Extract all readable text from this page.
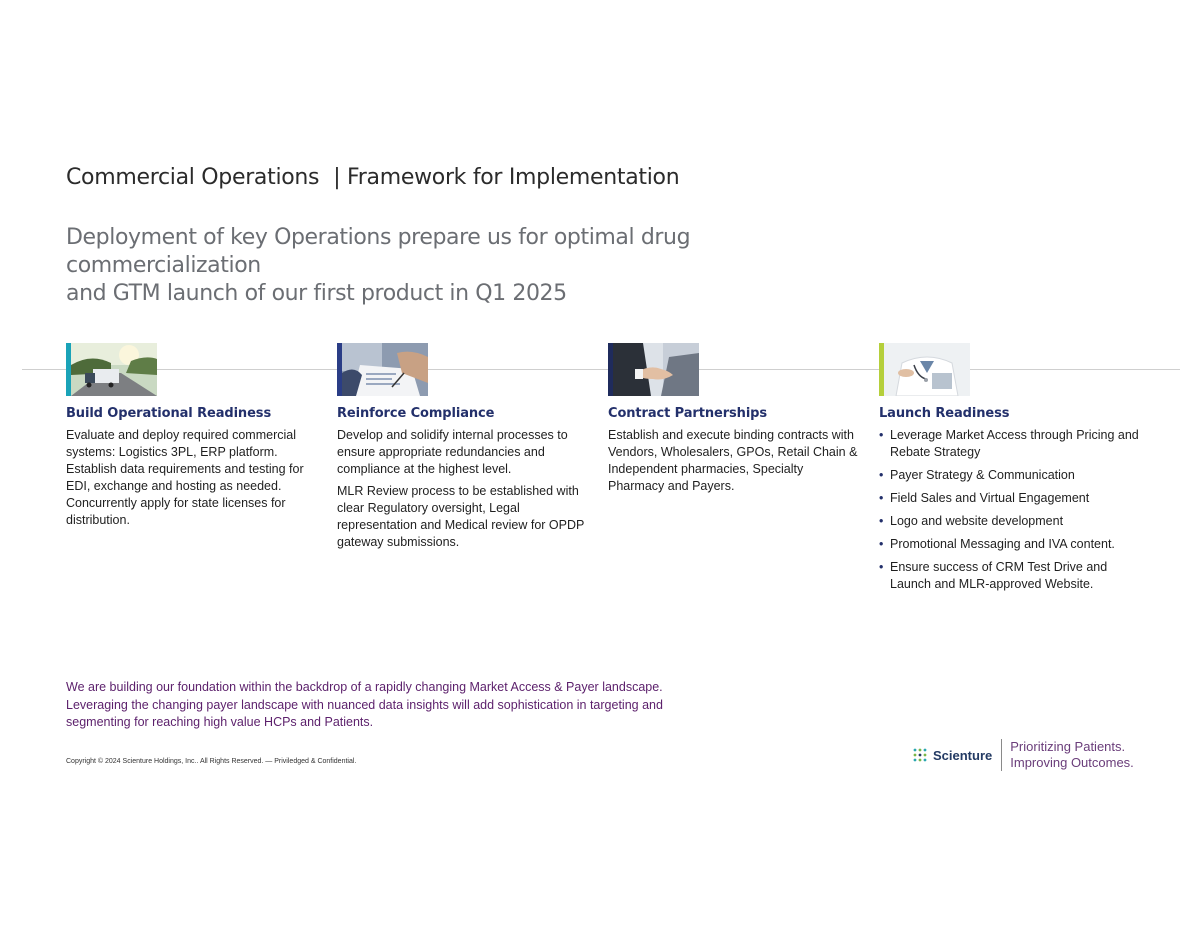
Commercial Operations | Framework for Implementation
Deployment of key Operations prepare us for optimal drug commercialization
and GTM launch of our first product in Q1 2025
Build Operational Readiness

Evaluate and deploy required commercial systems: Logistics 3PL, ERP platform. Establish data requirements and testing for EDI, exchange and hosting as needed. Concurrently apply for state licenses for distribution.

Reinforce Compliance

Develop and solidify internal processes to ensure appropriate redundancies and compliance at the highest level.

MLR Review process to be established with clear Regulatory oversight, Legal representation and Medical review for OPDP gateway submissions.

Contract Partnerships

Establish and execute binding contracts with Vendors, Wholesalers, GPOs, Retail Chain & Independent pharmacies, Specialty Pharmacy and Payers.

Launch Readiness
• Leverage Market Access through Pricing and Rebate Strategy
• Payer Strategy & Communication
• Field Sales and Virtual Engagement
• Logo and website development
• Promotional Messaging and IVA content.
• Ensure success of CRM Test Drive and Launch and MLR-approved Website.
We are building our foundation within the backdrop of a rapidly changing Market Access & Payer landscape.
Leveraging the changing payer landscape with nuanced data insights will add sophistication in targeting and segmenting for reaching high value HCPs and Patients.
Copyright © 2024 Scienture Holdings, Inc.. All Rights Reserved. — Priviledged & Confidential.	Scienture
Prioritizing Patients.
Improving Outcomes.
